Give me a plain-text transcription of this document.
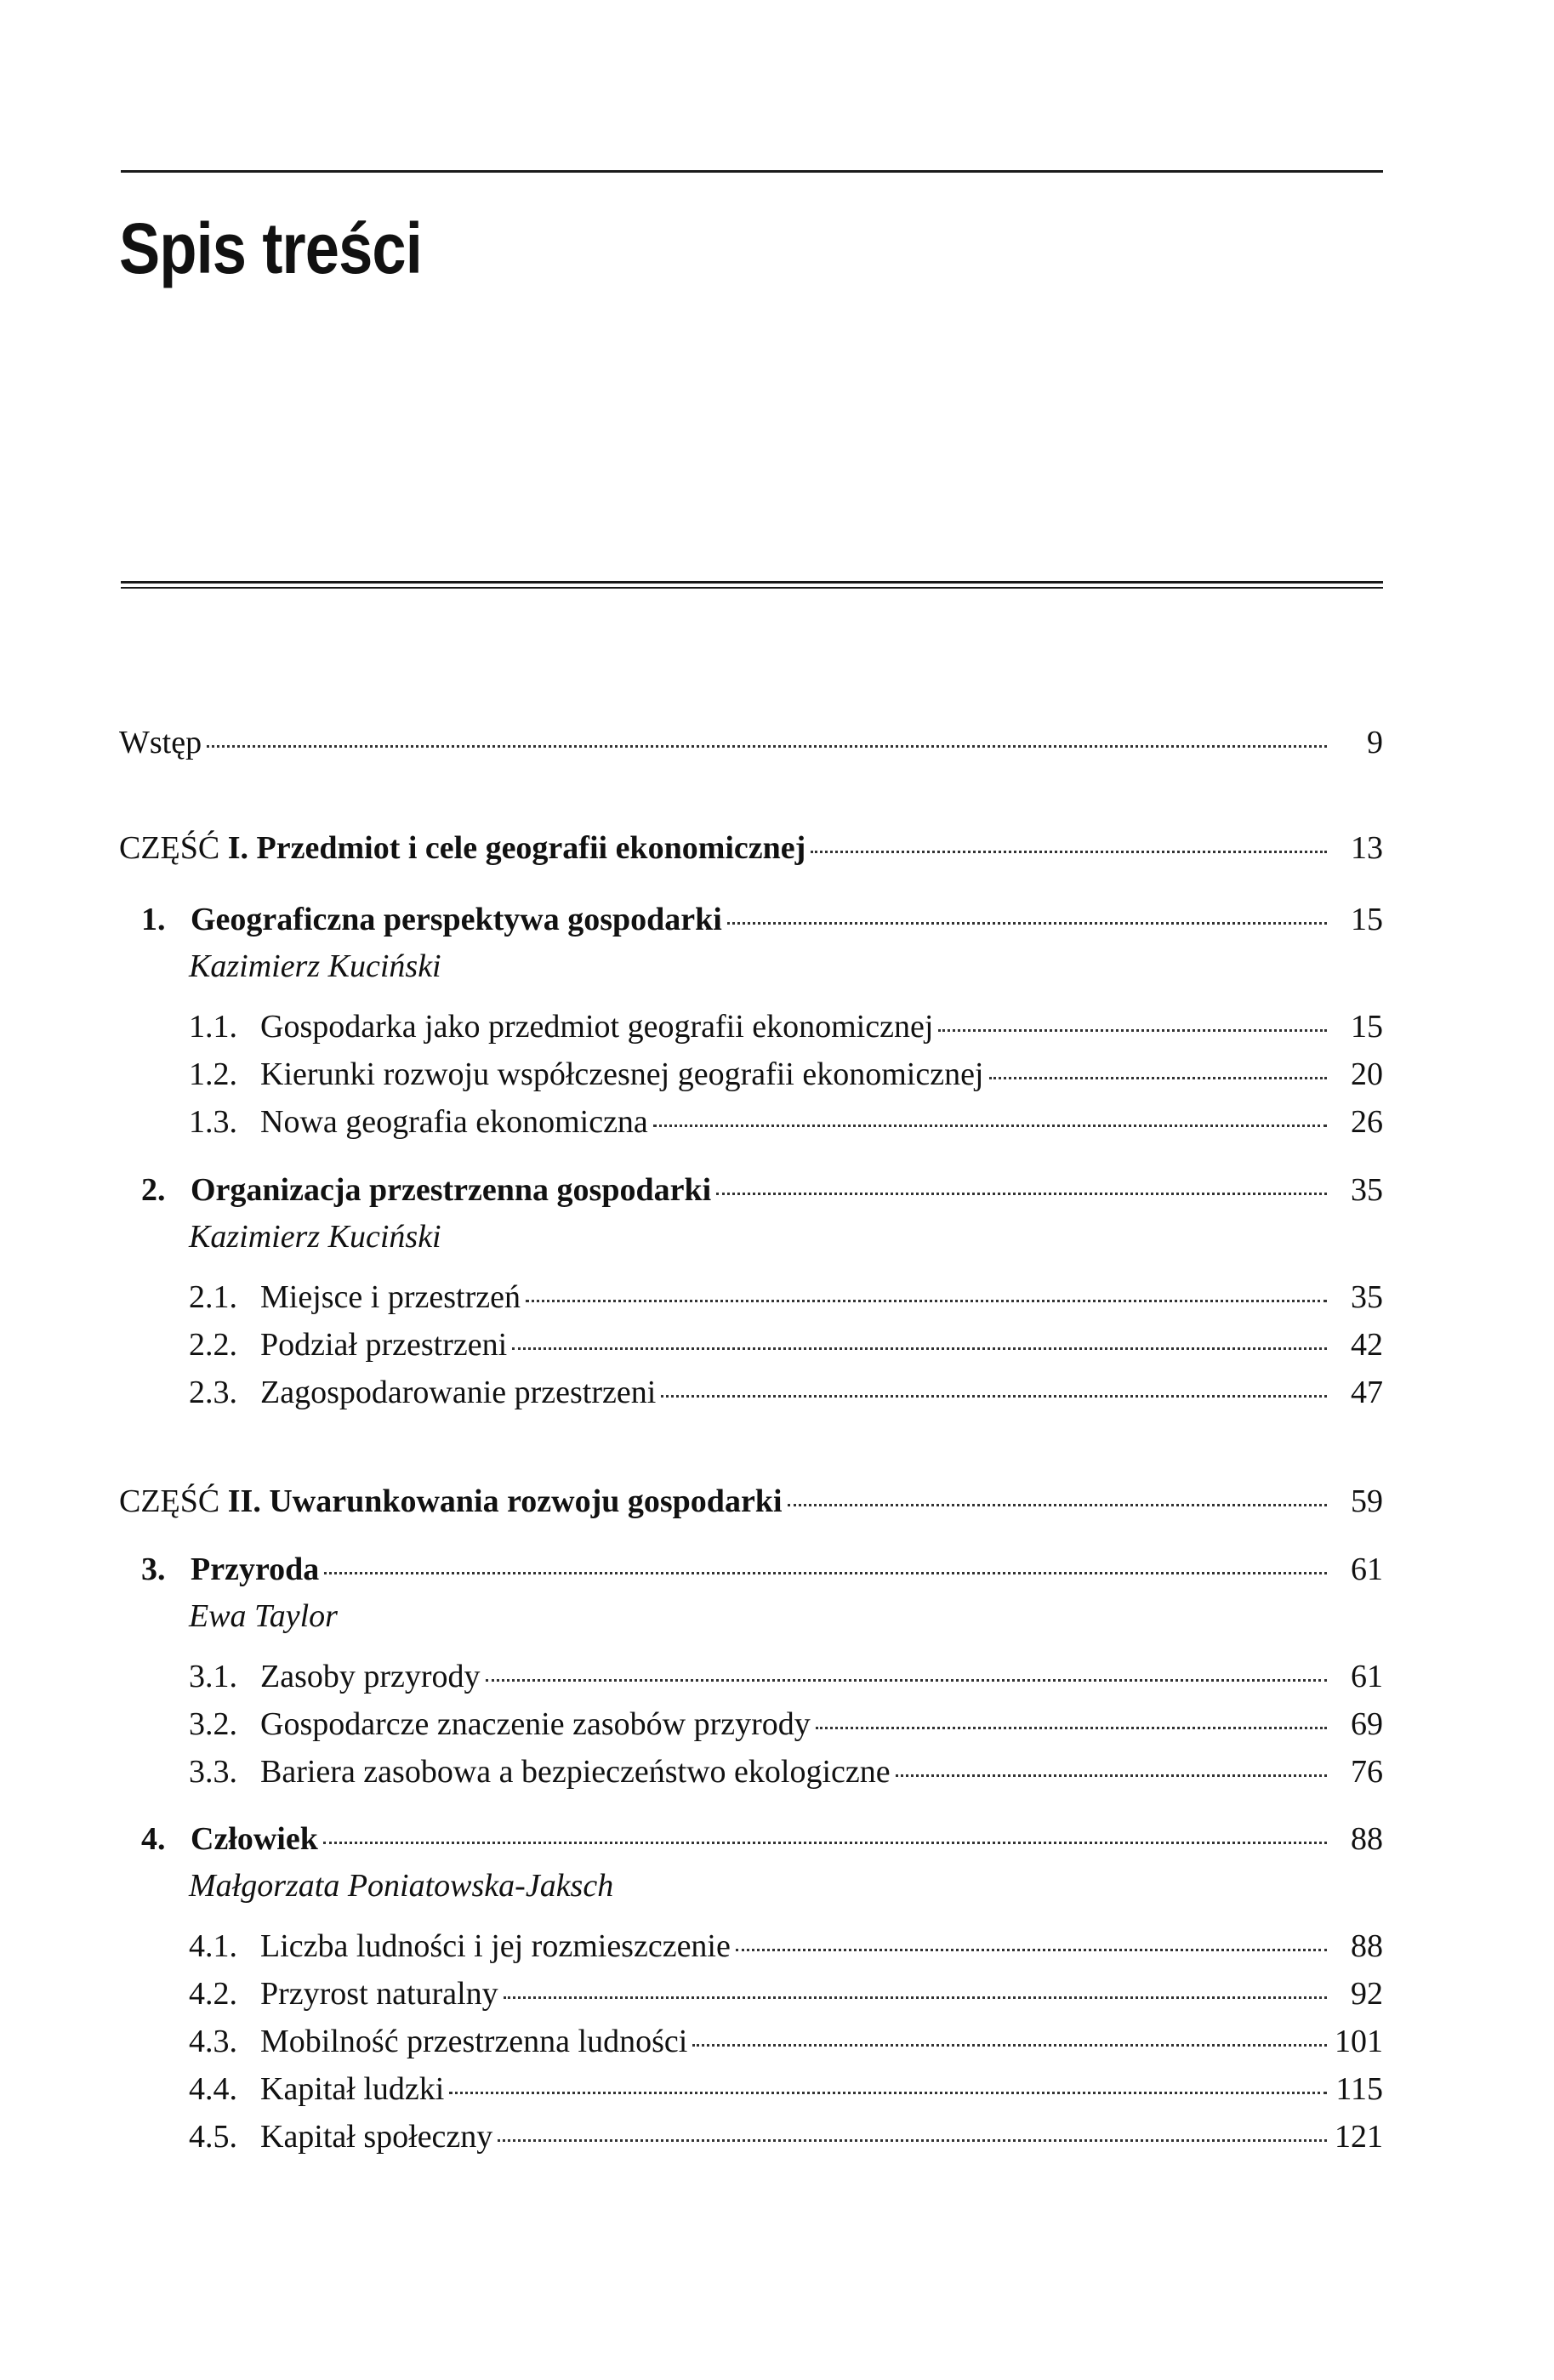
Spis treści
Wstęp	9
CZĘŚĆ I. Przedmiot i cele geografii ekonomicznej	13
1. Geograficzna perspektywa gospodarki	15
Kazimierz Kuciński
1.1. Gospodarka jako przedmiot geografii ekonomicznej	15
1.2. Kierunki rozwoju współczesnej geografii ekonomicznej	20
1.3. Nowa geografia ekonomiczna	26
2. Organizacja przestrzenna gospodarki	35
Kazimierz Kuciński
2.1. Miejsce i przestrzeń	35
2.2. Podział przestrzeni	42
2.3. Zagospodarowanie przestrzeni	47
CZĘŚĆ II. Uwarunkowania rozwoju gospodarki	59
3. Przyroda	61
Ewa Taylor
3.1. Zasoby przyrody	61
3.2. Gospodarcze znaczenie zasobów przyrody	69
3.3. Bariera zasobowa a bezpieczeństwo ekologiczne	76
4. Człowiek	88
Małgorzata Poniatowska-Jaksch
4.1. Liczba ludności i jej rozmieszczenie	88
4.2. Przyrost naturalny	92
4.3. Mobilność przestrzenna ludności	101
4.4. Kapitał ludzki	115
4.5. Kapitał społeczny	121
